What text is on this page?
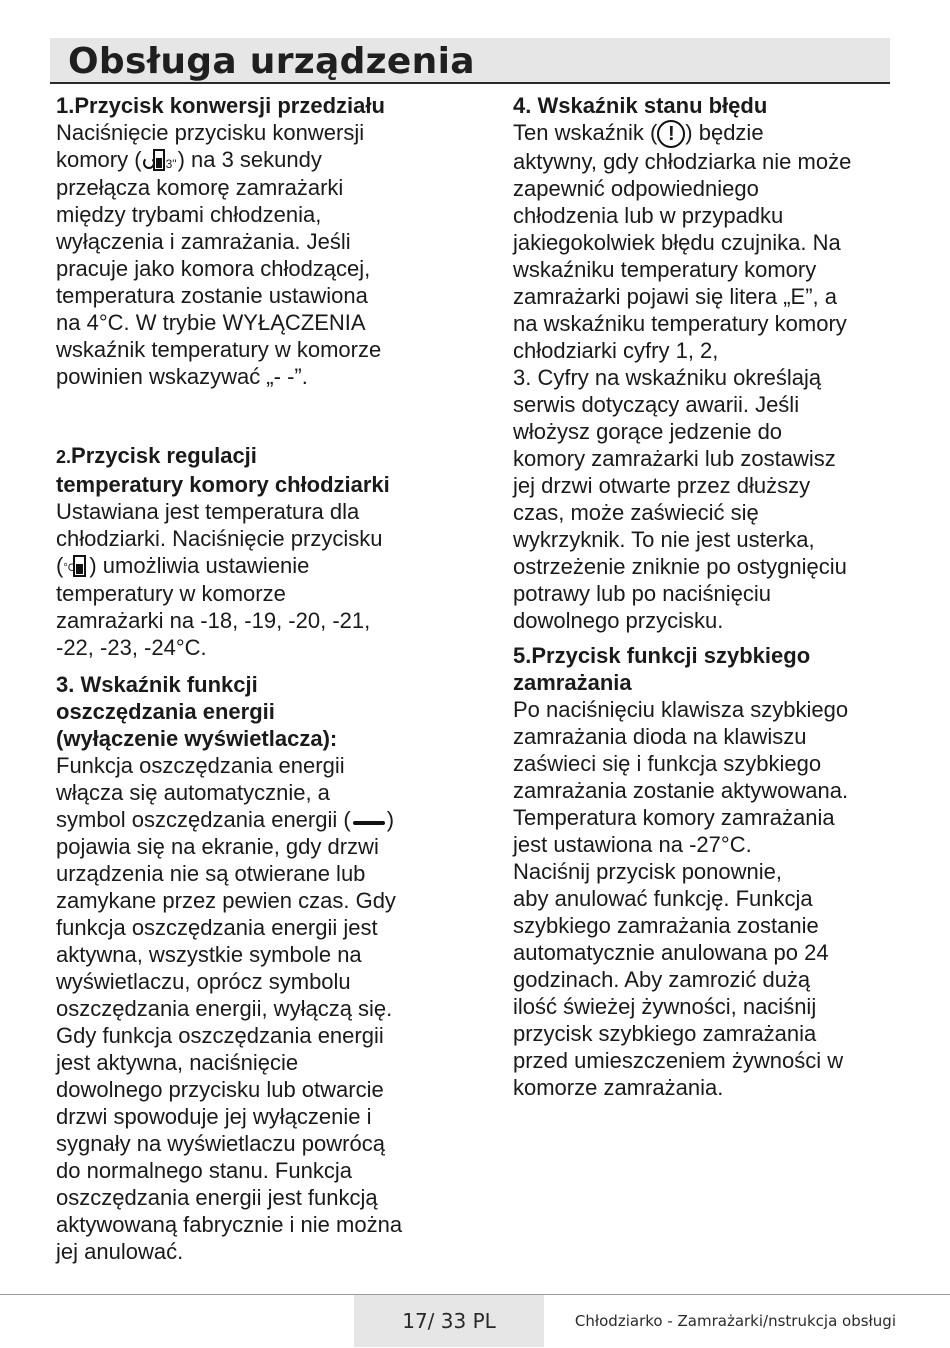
Obsługa urządzenia

1.Przycisk konwersji przedziału

Naciśnięcie przycisku konwersji
komory ( 3" ) na 3 sekundy
przełącza komorę zamrażarki
między trybami chłodzenia,
wyłączenia i zamrażania. Jeśli
pracuje jako komora chłodzącej,
temperatura zostanie ustawiona
na 4°C. W trybie WYŁĄCZENIA
wskaźnik temperatury w komorze
powinien wskazywać „- -”.

2.Przycisk regulacji
temperatury komory chłodziarki

Ustawiana jest temperatura dla
chłodziarki. Naciśnięcie przycisku
( °C ) umożliwia ustawienie
temperatury w komorze
zamrażarki na -18, -19, -20, -21,
-22, -23, -24°C.

3. Wskaźnik funkcji
oszczędzania energii
(wyłączenie wyświetlacza):

Funkcja oszczędzania energii
włącza się automatycznie, a
symbol oszczędzania energii ( )
pojawia się na ekranie, gdy drzwi
urządzenia nie są otwierane lub
zamykane przez pewien czas. Gdy
funkcja oszczędzania energii jest
aktywna, wszystkie symbole na
wyświetlaczu, oprócz symbolu
oszczędzania energii, wyłączą się.
Gdy funkcja oszczędzania energii
jest aktywna, naciśnięcie
dowolnego przycisku lub otwarcie
drzwi spowoduje jej wyłączenie i
sygnały na wyświetlaczu powrócą
do normalnego stanu. Funkcja
oszczędzania energii jest funkcją
aktywowaną fabrycznie i nie można
jej anulować.

4. Wskaźnik stanu błędu

Ten wskaźnik ( ! ) będzie
aktywny, gdy chłodziarka nie może
zapewnić odpowiedniego
chłodzenia lub w przypadku
jakiegokolwiek błędu czujnika. Na
wskaźniku temperatury komory
zamrażarki pojawi się litera „E”, a
na wskaźniku temperatury komory
chłodziarki cyfry 1, 2,
3. Cyfry na wskaźniku określają
serwis dotyczący awarii. Jeśli
włożysz gorące jedzenie do
komory zamrażarki lub zostawisz
jej drzwi otwarte przez dłuższy
czas, może zaświecić się
wykrzyknik. To nie jest usterka,
ostrzeżenie zniknie po ostygnięciu
potrawy lub po naciśnięciu
dowolnego przycisku.

5.Przycisk funkcji szybkiego
zamrażania

Po naciśnięciu klawisza szybkiego
zamrażania dioda na klawiszu
zaświeci się i funkcja szybkiego
zamrażania zostanie aktywowana.
Temperatura komory zamrażania
jest ustawiona na -27°C.
Naciśnij przycisk ponownie,
aby anulować funkcję. Funkcja
szybkiego zamrażania zostanie
automatycznie anulowana po 24
godzinach. Aby zamrozić dużą
ilość świeżej żywności, naciśnij
przycisk szybkiego zamrażania
przed umieszczeniem żywności w
komorze zamrażania.

17/ 33 PL	Chłodziarko - Zamrażarki/nstrukcja obsługi
